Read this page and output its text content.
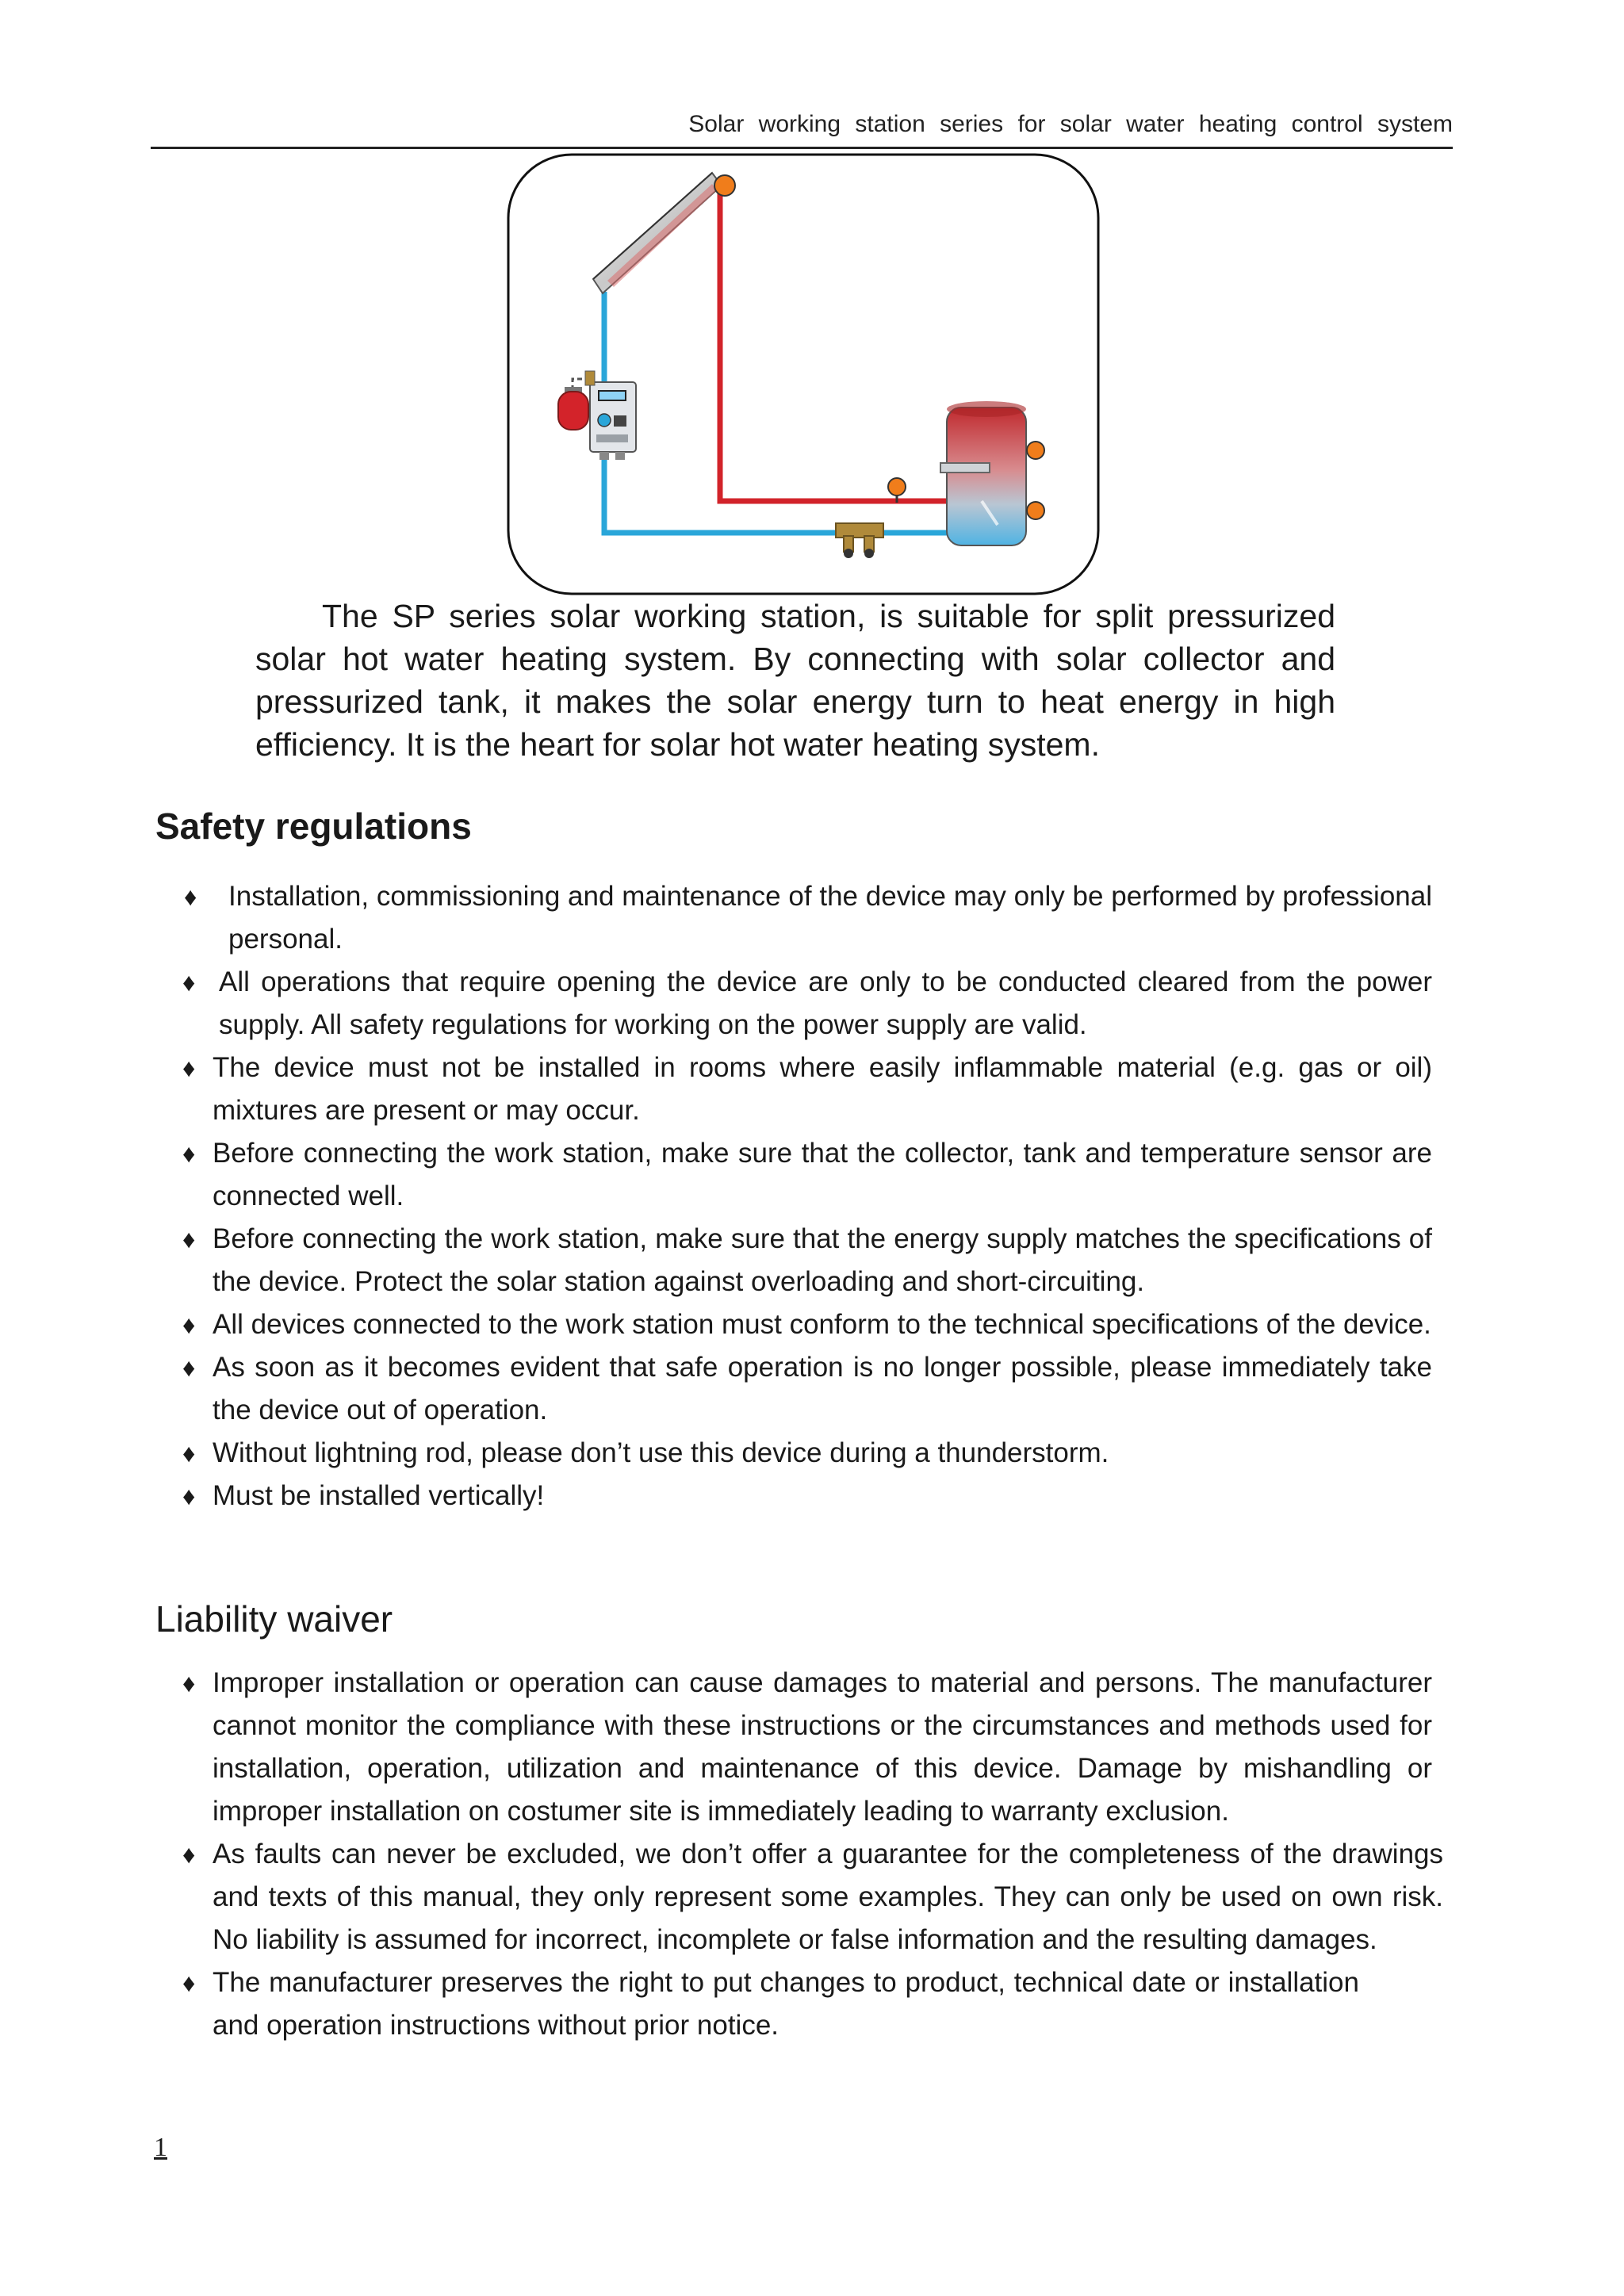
Solar working station series for solar water heating control system
The SP series solar working station, is suitable for split pressurized solar hot water heating system. By connecting with solar collector and pressurized tank, it makes the solar energy turn to heat energy in high efficiency. It is the heart for solar hot water heating system.
Safety regulations
♦ Installation, commissioning and maintenance of the device may only be performed by professional personal.
♦ All operations that require opening the device are only to be conducted cleared from the power supply. All safety regulations for working on the power supply are valid.
♦ The device must not be installed in rooms where easily inflammable material (e.g. gas or oil) mixtures are present or may occur.
♦ Before connecting the work station, make sure that the collector, tank and temperature sensor are connected well.
♦ Before connecting the work station, make sure that the energy supply matches the specifications of the device. Protect the solar station against overloading and short-circuiting.
♦ All devices connected to the work station must conform to the technical specifications of the device.
♦ As soon as it becomes evident that safe operation is no longer possible, please immediately take the device out of operation.
♦ Without lightning rod, please don’t use this device during a thunderstorm.
♦ Must be installed vertically!
Liability waiver
♦ Improper installation or operation can cause damages to material and persons. The manufacturer cannot monitor the compliance with these instructions or the circumstances and methods used for installation, operation, utilization and maintenance of this device. Damage by mishandling or improper installation on costumer site is immediately leading to warranty exclusion.
♦ As faults can never be excluded, we don’t offer a guarantee for the completeness of the drawings and texts of this manual, they only represent some examples. They can only be used on own risk. No liability is assumed for incorrect, incomplete or false information and the resulting damages.
♦ The manufacturer preserves the right to put changes to product, technical date or installation and operation instructions without prior notice.
1
